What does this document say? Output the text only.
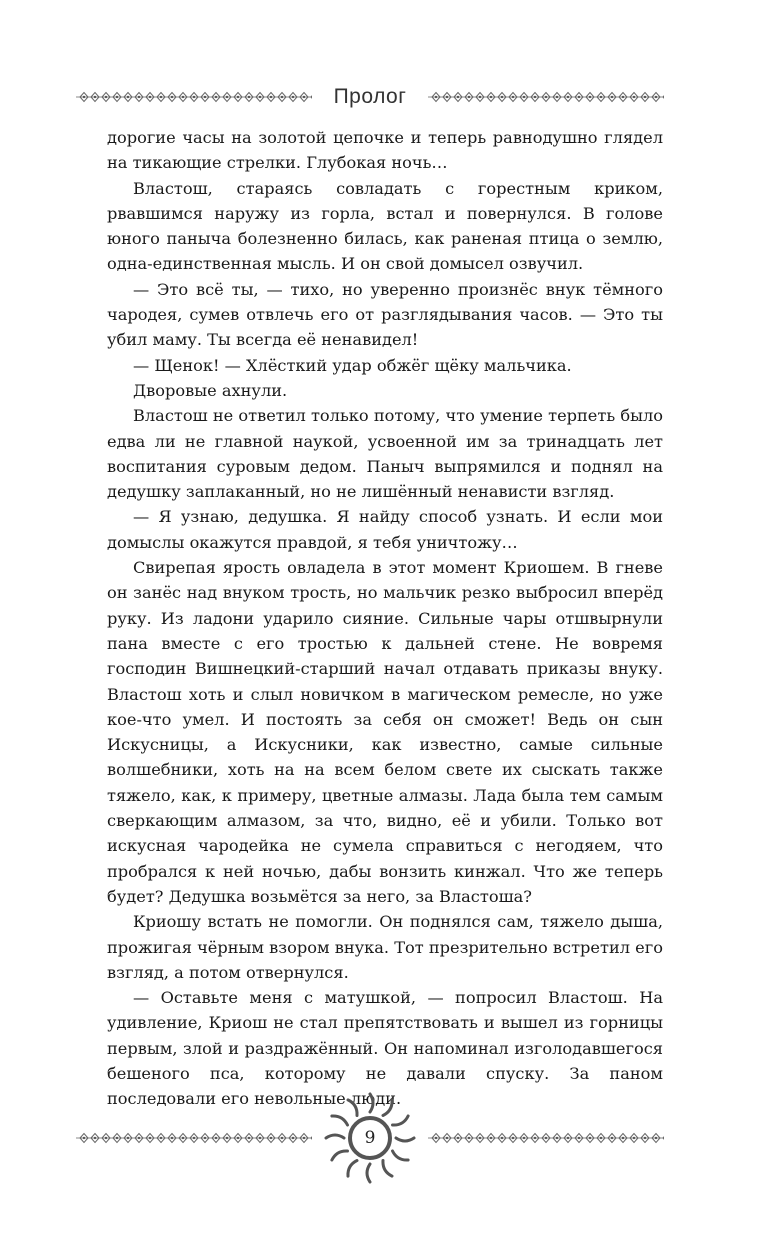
Пролог

дорогие часы на золотой цепочке и теперь равнодушно глядел на тикающие стрелки. Глубокая ночь…

Властош, стараясь совладать с горестным криком, рвавшимся наружу из горла, встал и повернулся. В голове юного паныча болезненно билась, как раненая птица о землю, одна-единственная мысль. И он свой домысел озвучил.

— Это всё ты, — тихо, но уверенно произнёс внук тёмного чародея, сумев отвлечь его от разглядывания часов. — Это ты убил маму. Ты всегда её ненавидел!

— Щенок! — Хлёсткий удар обжёг щёку мальчика.

Дворовые ахнули.

Властош не ответил только потому, что умение терпеть было едва ли не главной наукой, усвоенной им за тринадцать лет воспитания суровым дедом. Паныч выпрямился и поднял на дедушку заплаканный, но не лишённый ненависти взгляд.

— Я узнаю, дедушка. Я найду способ узнать. И если мои домыслы окажутся правдой, я тебя уничтожу…

Свирепая ярость овладела в этот момент Криошем. В гневе он занёс над внуком трость, но мальчик резко выбросил вперёд руку. Из ладони ударило сияние. Сильные чары отшвырнули пана вместе с его тростью к дальней стене. Не вовремя господин Вишнецкий-старший начал отдавать приказы внуку. Властош хоть и слыл новичком в магическом ремесле, но уже кое-что умел. И постоять за себя он сможет! Ведь он сын Искусницы, а Искусники, как известно, самые сильные волшебники, хоть на на всем белом свете их сыскать также тяжело, как, к примеру, цветные алмазы. Лада была тем самым сверкающим алмазом, за что, видно, её и убили. Только вот искусная чародейка не сумела справиться с негодяем, что пробрался к ней ночью, дабы вонзить кинжал. Что же теперь будет? Дедушка возьмётся за него, за Властоша?

Криошу встать не помогли. Он поднялся сам, тяжело дыша, прожигая чёрным взором внука. Тот презрительно встретил его взгляд, а потом отвернулся.

— Оставьте меня с матушкой, — попросил Властош. На удивление, Криош не стал препятствовать и вышел из горницы первым, злой и раздражённый. Он напоминал изголодавшегося бешеного пса, которому не давали спуску. За паном последовали его невольные люди.

9
